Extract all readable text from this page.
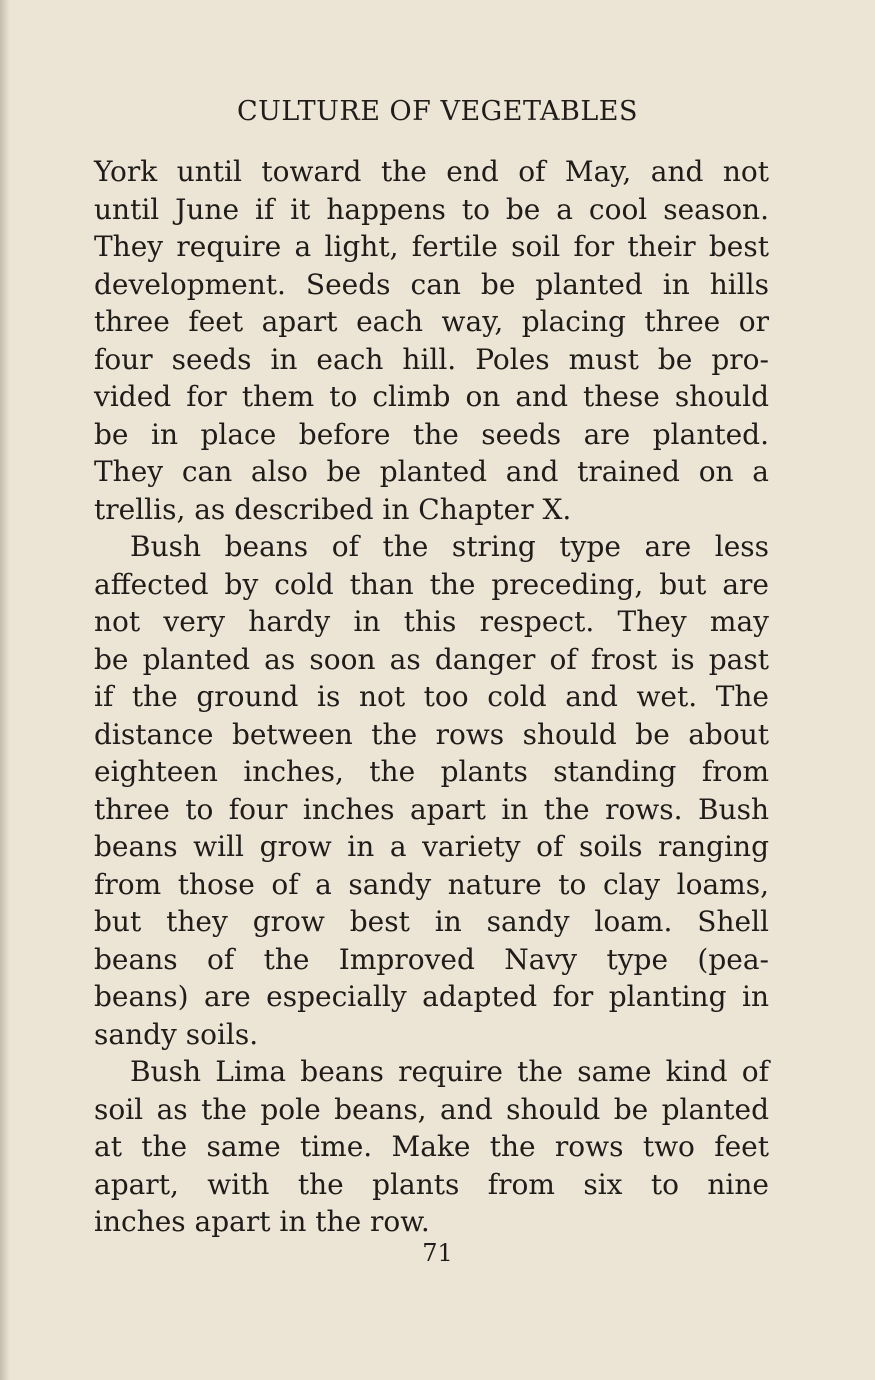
CULTURE OF VEGETABLES
York until toward the end of May, and not
until June if it happens to be a cool season.
They require a light, fertile soil for their best
development. Seeds can be planted in hills
three feet apart each way, placing three or
four seeds in each hill. Poles must be pro-
vided for them to climb on and these should
be in place before the seeds are planted.
They can also be planted and trained on a
trellis, as described in Chapter X.
Bush beans of the string type are less
affected by cold than the preceding, but are
not very hardy in this respect. They may
be planted as soon as danger of frost is past
if the ground is not too cold and wet. The
distance between the rows should be about
eighteen inches, the plants standing from
three to four inches apart in the rows. Bush
beans will grow in a variety of soils ranging
from those of a sandy nature to clay loams,
but they grow best in sandy loam. Shell
beans of the Improved Navy type (pea-
beans) are especially adapted for planting in
sandy soils.
Bush Lima beans require the same kind of
soil as the pole beans, and should be planted
at the same time. Make the rows two feet
apart, with the plants from six to nine
inches apart in the row.
71
